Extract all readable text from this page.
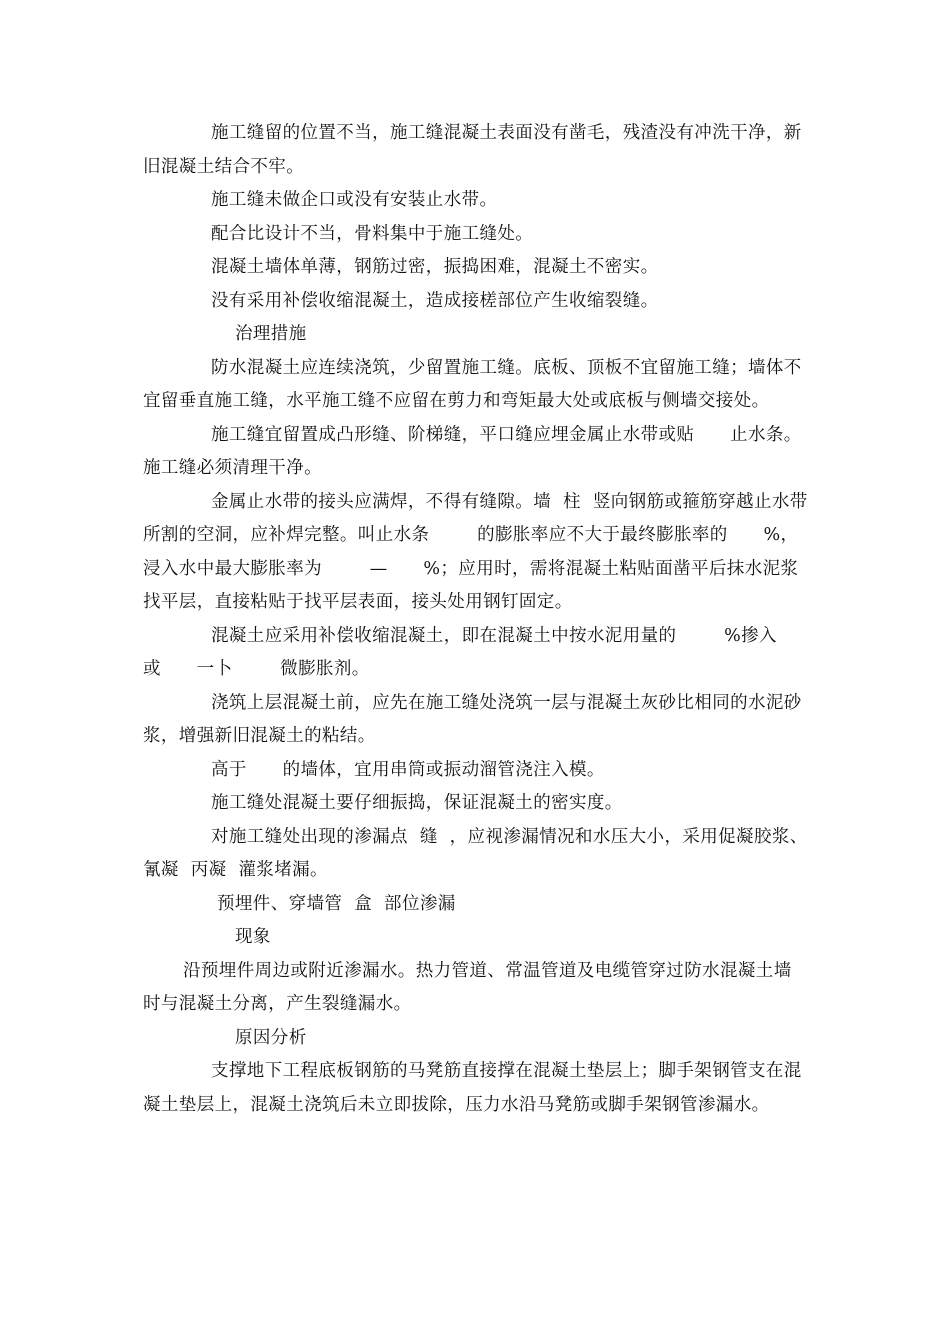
施工缝留的位置不当，施工缝混凝土表面没有凿毛，残渣没有冲洗干净，新旧混凝土结合不牢。

施工缝未做企口或没有安装止水带。

配合比设计不当，骨料集中于施工缝处。

混凝土墙体单薄，钢筋过密，振捣困难，混凝土不密实。

没有采用补偿收缩混凝土，造成接槎部位产生收缩裂缝。

治理措施

防水混凝土应连续浇筑，少留置施工缝。底板、顶板不宜留施工缝；墙体不宜留垂直施工缝，水平施工缝不应留在剪力和弯矩最大处或底板与侧墙交接处。

施工缝宜留置成凸形缝、阶梯缝，平口缝应埋金属止水带或贴      止水条。施工缝必须清理干净。

金属止水带的接头应满焊，不得有缝隙。墙  柱  竖向钢筋或箍筋穿越止水带所割的空洞，应补焊完整。叫止水条        的膨胀率应不大于最终膨胀率的      %，浸入水中最大膨胀率为        —      %；应用时，需将混凝土粘贴面凿平后抹水泥浆找平层，直接粘贴于找平层表面，接头处用钢钉固定。

混凝土应采用补偿收缩混凝土，即在混凝土中按水泥用量的        %掺入       或      一卜        微膨胀剂。

浇筑上层混凝土前，应先在施工缝处浇筑一层与混凝土灰砂比相同的水泥砂浆，增强新旧混凝土的粘结。

高于      的墙体，宜用串筒或振动溜管浇注入模。

施工缝处混凝土要仔细振捣，保证混凝土的密实度。

对施工缝处出现的渗漏点  缝  ，应视渗漏情况和水压大小，采用促凝胶浆、氰凝  丙凝  灌浆堵漏。

预埋件、穿墙管  盒  部位渗漏

现象

沿预埋件周边或附近渗漏水。热力管道、常温管道及电缆管穿过防水混凝土墙时与混凝土分离，产生裂缝漏水。

原因分析

支撑地下工程底板钢筋的马凳筋直接撑在混凝土垫层上；脚手架钢管支在混凝土垫层上，混凝土浇筑后未立即拔除，压力水沿马凳筋或脚手架钢管渗漏水。
